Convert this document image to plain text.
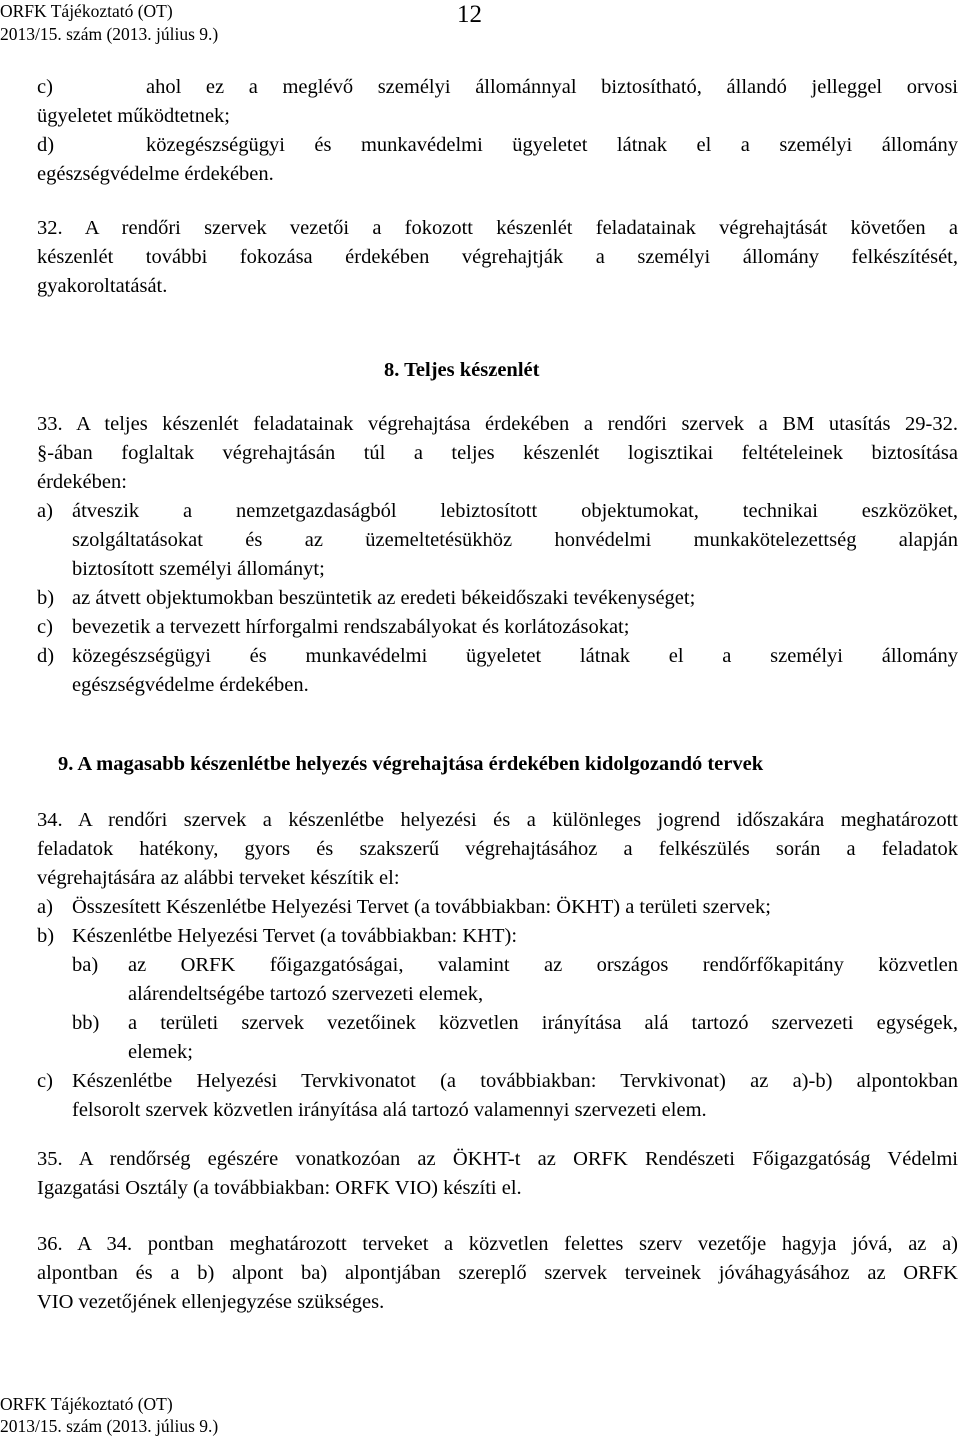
ORFK Tájékoztató (OT)
2013/15. szám (2013. július 9.)
12
c)	ahol ez a meglévő személyi állománnyal biztosítható, állandó jelleggel orvosi
ügyeletet működtetnek;
d)	közegészségügyi és munkavédelmi ügyeletet látnak el a személyi állomány
egészségvédelme érdekében.
32. A rendőri szervek vezetői a fokozott készenlét feladatainak végrehajtását követően a
készenlét további fokozása érdekében végrehajtják a személyi állomány felkészítését,
gyakoroltatását.
8. Teljes készenlét
33. A teljes készenlét feladatainak végrehajtása érdekében a rendőri szervek a BM utasítás 29-32.
§-ában foglaltak végrehajtásán túl a teljes készenlét logisztikai feltételeinek biztosítása
érdekében:
a) átveszik a nemzetgazdaságból lebiztosított objektumokat, technikai eszközöket,
szolgáltatásokat és az üzemeltetésükhöz honvédelmi munkakötelezettség alapján
biztosított személyi állományt;
b) az átvett objektumokban beszüntetik az eredeti békeidőszaki tevékenységet;
c) bevezetik a tervezett hírforgalmi rendszabályokat és korlátozásokat;
d) közegészségügyi és munkavédelmi ügyeletet látnak el a személyi állomány
egészségvédelme érdekében.
9. A magasabb készenlétbe helyezés végrehajtása érdekében kidolgozandó tervek
34. A rendőri szervek a készenlétbe helyezési és a különleges jogrend időszakára meghatározott
feladatok hatékony, gyors és szakszerű végrehajtásához a felkészülés során a feladatok
végrehajtására az alábbi terveket készítik el:
a) Összesített Készenlétbe Helyezési Tervet (a továbbiakban: ÖKHT) a területi szervek;
b) Készenlétbe Helyezési Tervet (a továbbiakban: KHT):
ba)	az ORFK főigazgatóságai, valamint az országos rendőrfőkapitány közvetlen
alárendeltségébe tartozó szervezeti elemek,
bb)	a területi szervek vezetőinek közvetlen irányítása alá tartozó szervezeti egységek,
elemek;
c) Készenlétbe Helyezési Tervkivonatot (a továbbiakban: Tervkivonat) az a)-b) alpontokban
felsorolt szervek közvetlen irányítása alá tartozó valamennyi szervezeti elem.
35. A rendőrség egészére vonatkozóan az ÖKHT-t az ORFK Rendészeti Főigazgatóság Védelmi
Igazgatási Osztály (a továbbiakban: ORFK VIO) készíti el.
36. A 34. pontban meghatározott terveket a közvetlen felettes szerv vezetője hagyja jóvá, az a)
alpontban és a b) alpont ba) alpontjában szereplő szervek terveinek jóváhagyásához az ORFK
VIO vezetőjének ellenjegyzése szükséges.
ORFK Tájékoztató (OT)
2013/15. szám (2013. július 9.)
